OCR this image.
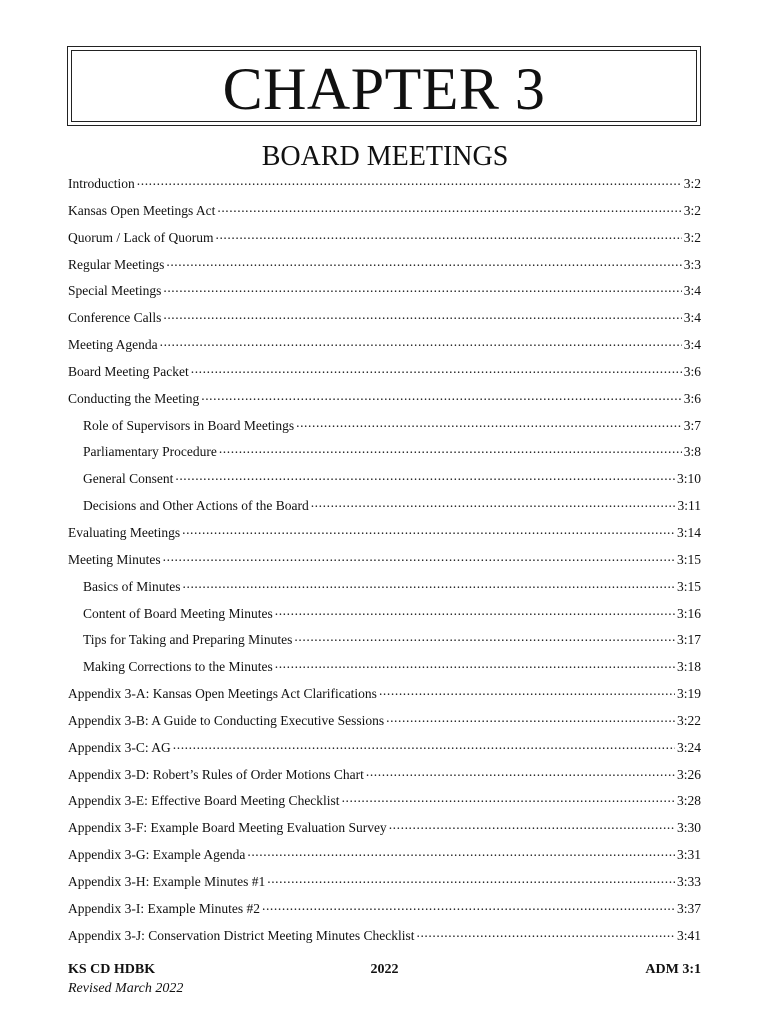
CHAPTER 3
BOARD MEETINGS
Introduction .....	3:2
Kansas Open Meetings Act .....	3:2
Quorum / Lack of Quorum .....	3:2
Regular Meetings .....	3:3
Special Meetings .....	3:4
Conference Calls .....	3:4
Meeting Agenda .....	3:4
Board Meeting Packet .....	3:6
Conducting the Meeting .....	3:6
Role of Supervisors in Board Meetings .....	3:7
Parliamentary Procedure .....	3:8
General Consent .....	3:10
Decisions and Other Actions of the Board .....	3:11
Evaluating Meetings .....	3:14
Meeting Minutes .....	3:15
Basics of Minutes .....	3:15
Content of Board Meeting Minutes .....	3:16
Tips for Taking and Preparing Minutes .....	3:17
Making Corrections to the Minutes .....	3:18
Appendix 3-A: Kansas Open Meetings Act Clarifications .....	3:19
Appendix 3-B: A Guide to Conducting Executive Sessions .....	3:22
Appendix 3-C: AG .....	3:24
Appendix 3-D: Robert’s Rules of Order Motions Chart .....	3:26
Appendix 3-E: Effective Board Meeting Checklist .....	3:28
Appendix 3-F: Example Board Meeting Evaluation Survey .....	3:30
Appendix 3-G: Example Agenda .....	3:31
Appendix 3-H: Example Minutes #1 .....	3:33
Appendix 3-I: Example Minutes #2 .....	3:37
Appendix 3-J: Conservation District Meeting Minutes Checklist .....	3:41
KS CD HDBK	2022	ADM 3:1
Revised March 2022
